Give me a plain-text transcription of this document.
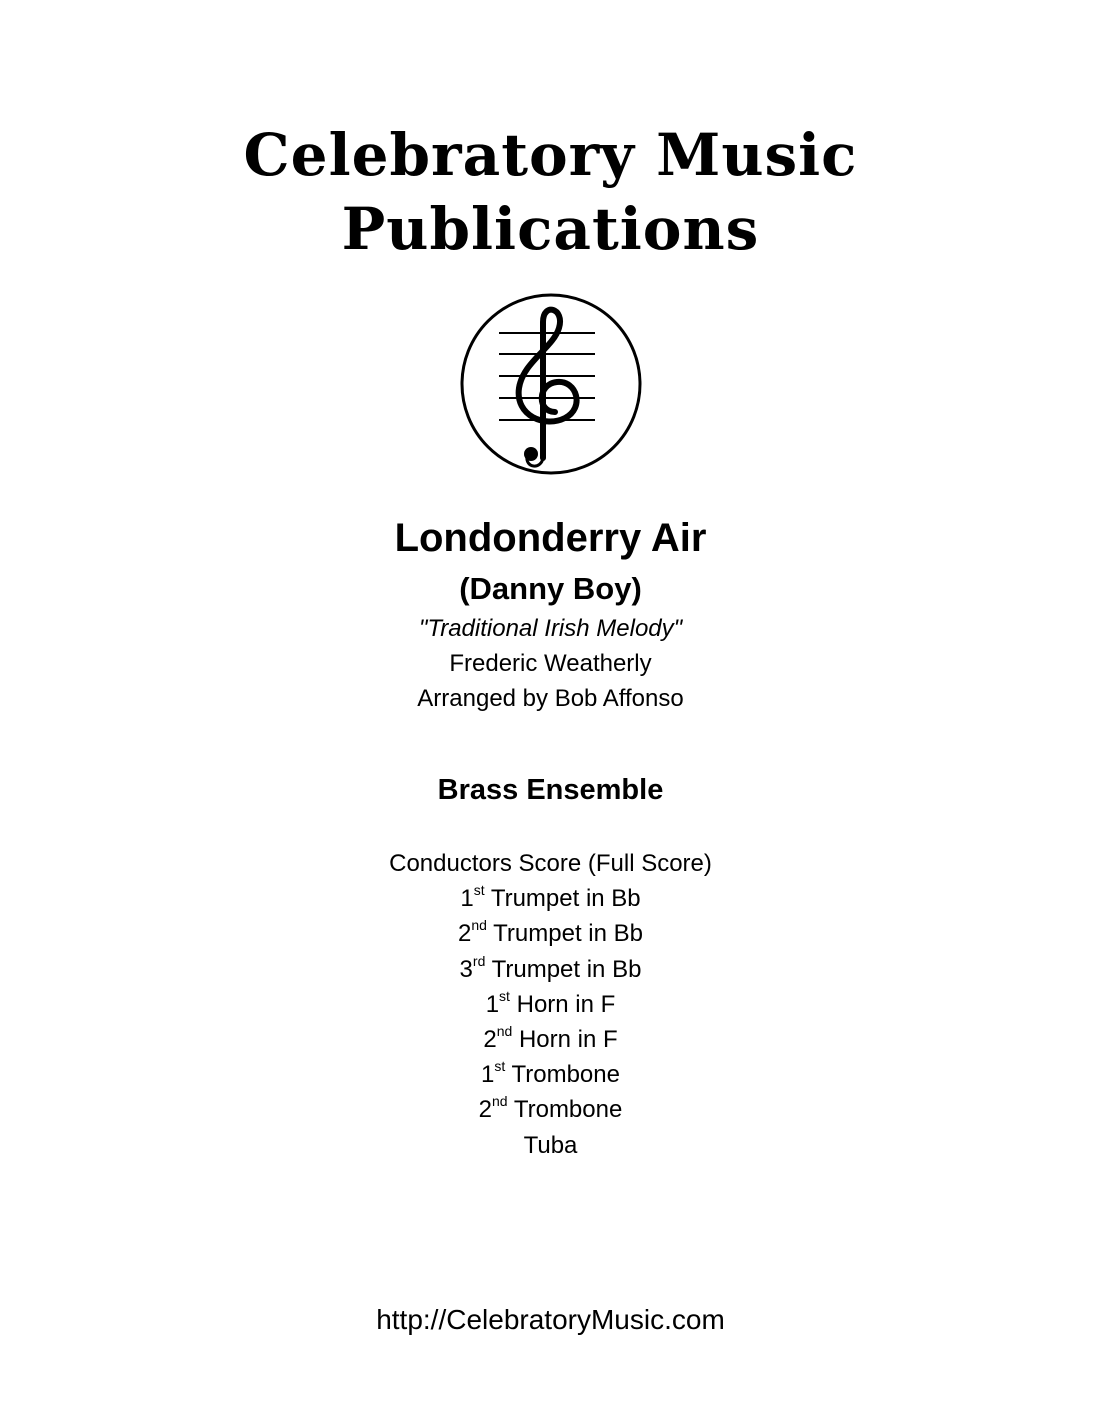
Celebratory Music
Publications
Londonderry Air
(Danny Boy)
"Traditional Irish Melody"
Frederic Weatherly
Arranged by Bob Affonso
Brass Ensemble
Conductors Score (Full Score)
1st Trumpet in Bb
2nd Trumpet in Bb
3rd Trumpet in Bb
1st Horn in F
2nd Horn in F
1st Trombone
2nd Trombone
Tuba
http://CelebratoryMusic.com
